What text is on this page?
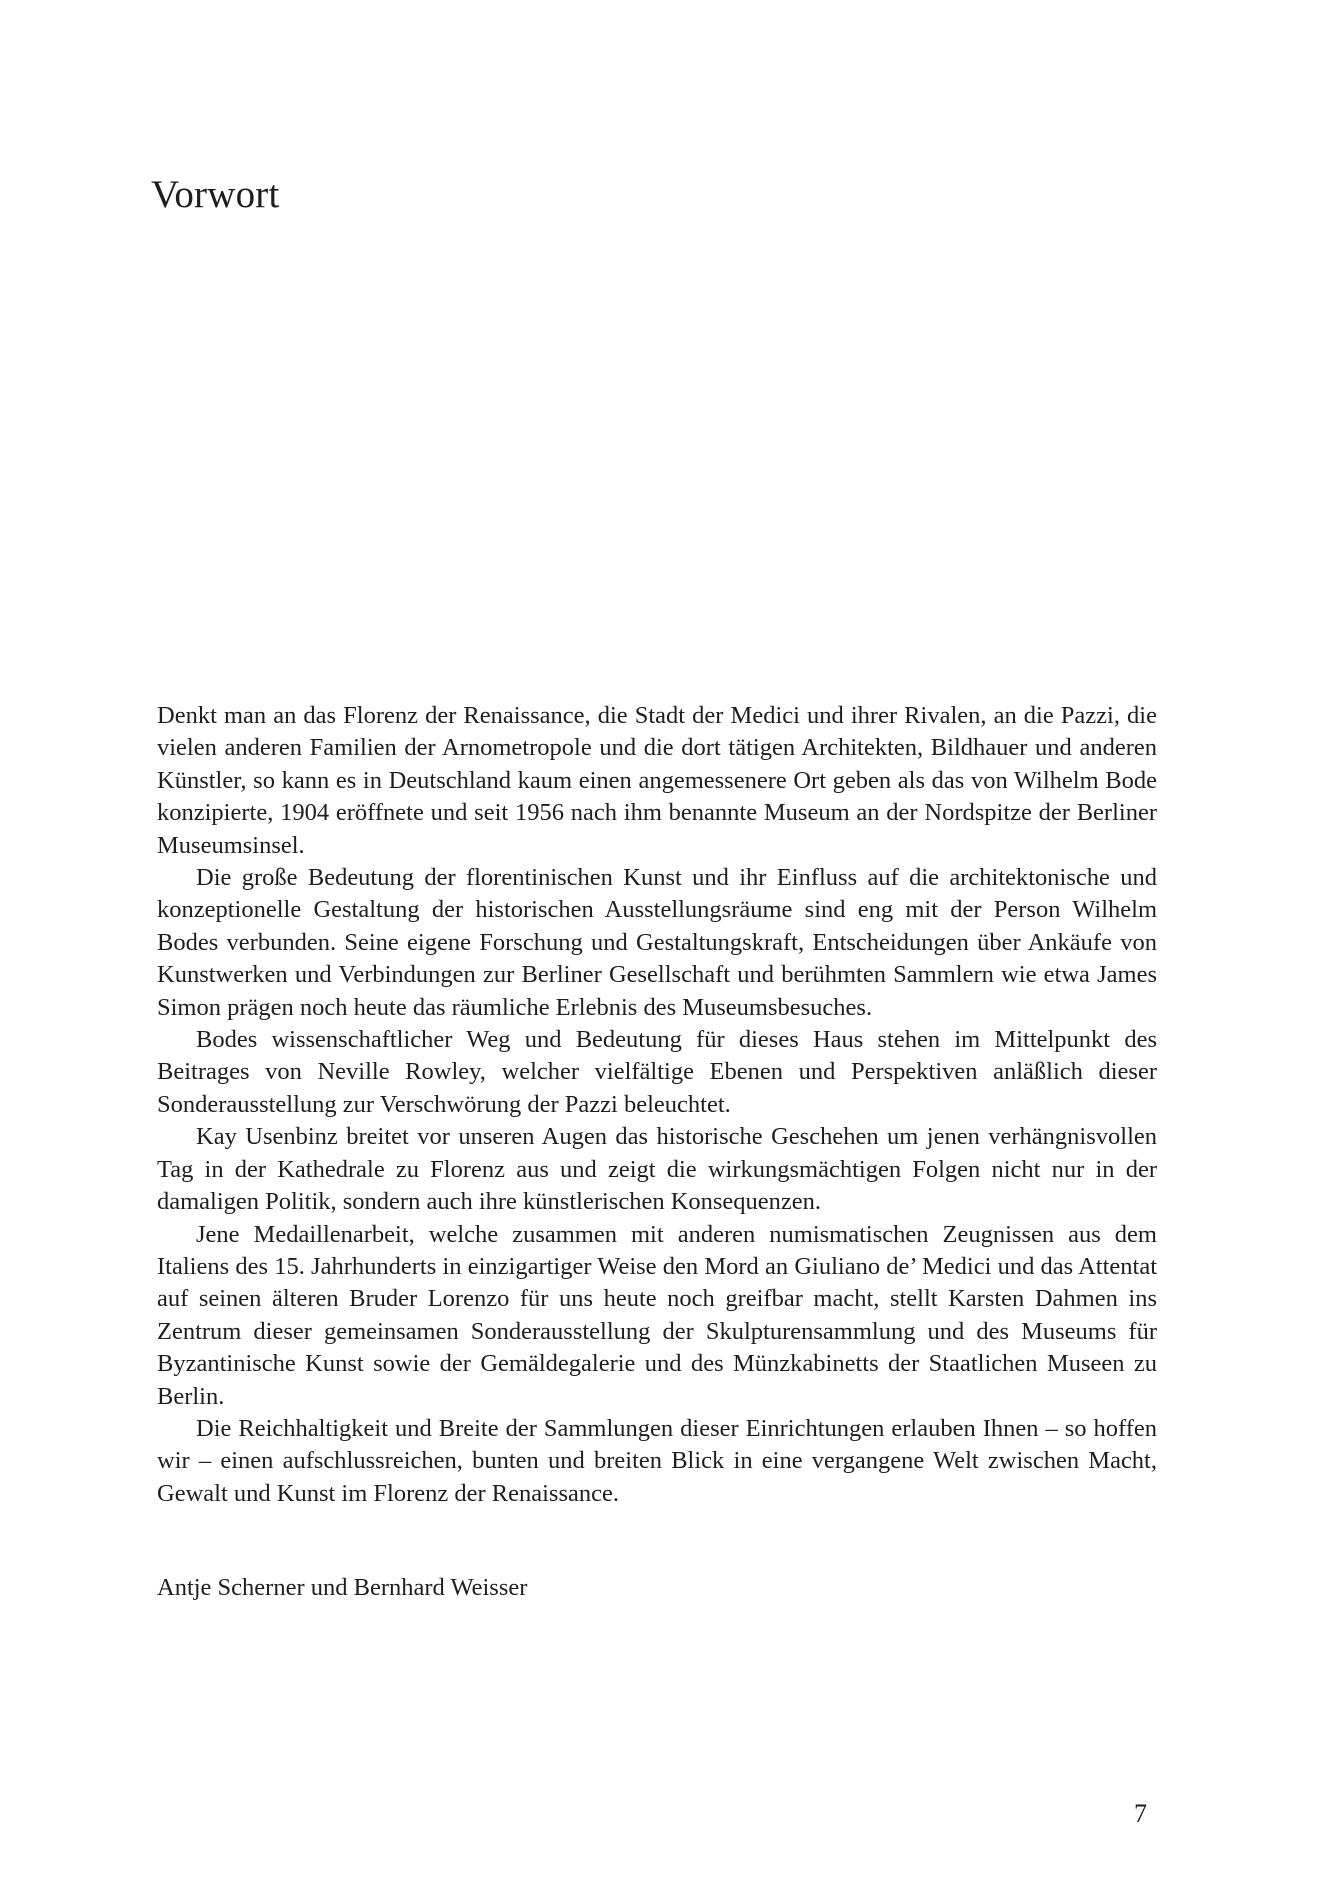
Vorwort

Denkt man an das Florenz der Renaissance, die Stadt der Medici und ihrer Rivalen, an die Pazzi, die vielen anderen Familien der Arnometropole und die dort tätigen Architekten, Bildhauer und anderen Künstler, so kann es in Deutschland kaum einen angemessenere Ort geben als das von Wilhelm Bode konzipierte, 1904 eröffnete und seit 1956 nach ihm benannte Museum an der Nordspitze der Berliner Museumsinsel.

Die große Bedeutung der florentinischen Kunst und ihr Einfluss auf die architektonische und konzeptionelle Gestaltung der historischen Ausstellungsräume sind eng mit der Person Wilhelm Bodes verbunden. Seine eigene Forschung und Gestaltungskraft, Entscheidungen über Ankäufe von Kunstwerken und Verbindungen zur Berliner Gesellschaft und berühmten Sammlern wie etwa James Simon prägen noch heute das räumliche Erlebnis des Museumsbesuches.

Bodes wissenschaftlicher Weg und Bedeutung für dieses Haus stehen im Mittelpunkt des Beitrages von Neville Rowley, welcher vielfältige Ebenen und Perspektiven anläßlich dieser Sonderausstellung zur Verschwörung der Pazzi beleuchtet.

Kay Usenbinz breitet vor unseren Augen das historische Geschehen um jenen verhängnisvollen Tag in der Kathedrale zu Florenz aus und zeigt die wirkungsmächtigen Folgen nicht nur in der damaligen Politik, sondern auch ihre künstlerischen Konsequenzen.

Jene Medaillenarbeit, welche zusammen mit anderen numismatischen Zeugnissen aus dem Italiens des 15. Jahrhunderts in einzigartiger Weise den Mord an Giuliano de’ Medici und das Attentat auf seinen älteren Bruder Lorenzo für uns heute noch greifbar macht, stellt Karsten Dahmen ins Zentrum dieser gemeinsamen Sonderausstellung der Skulpturensammlung und des Museums für Byzantinische Kunst sowie der Gemäldegalerie und des Münzkabinetts der Staatlichen Museen zu Berlin.

Die Reichhaltigkeit und Breite der Sammlungen dieser Einrichtungen erlauben Ihnen – so hoffen wir – einen aufschlussreichen, bunten und breiten Blick in eine vergangene Welt zwischen Macht, Gewalt und Kunst im Florenz der Renaissance.

Antje Scherner und Bernhard Weisser

7
